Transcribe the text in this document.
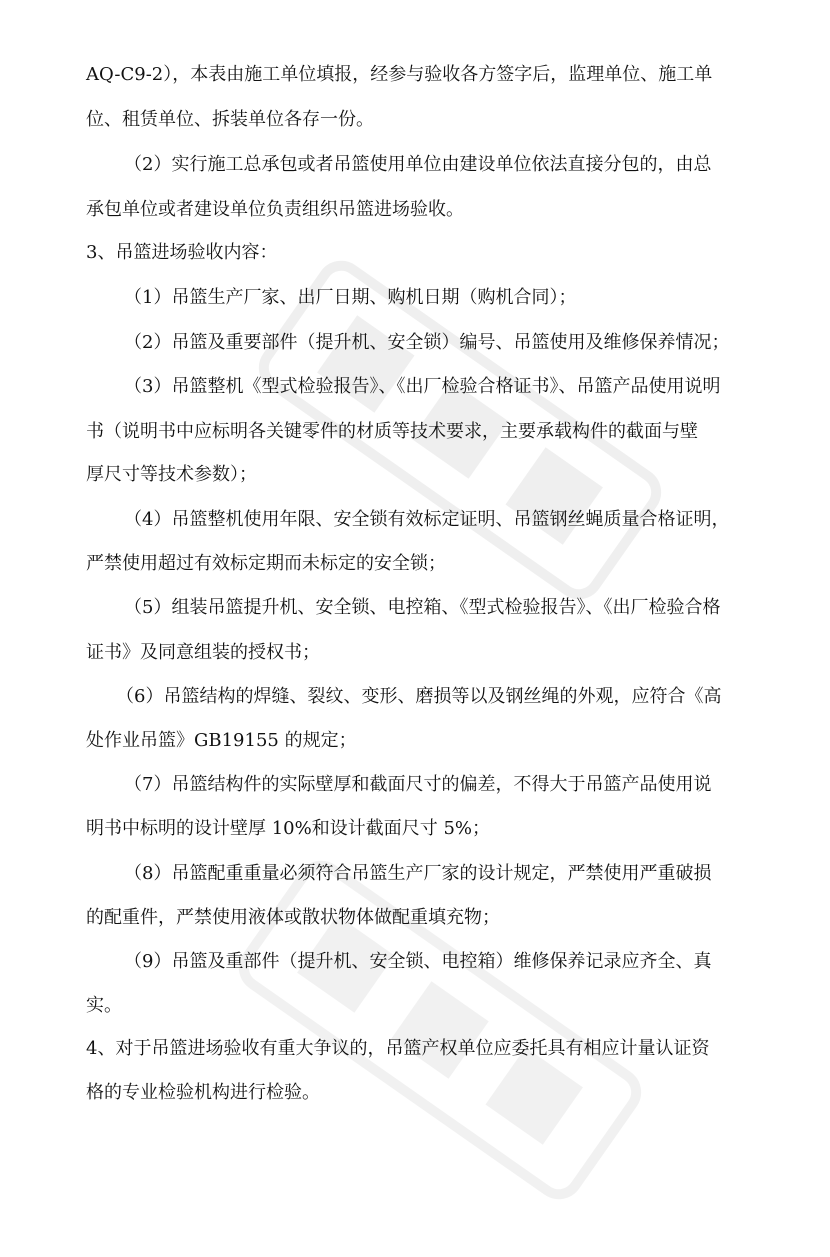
AQ-C9-2），本表由施工单位填报，经参与验收各方签字后，监理单位、施工单
位、租赁单位、拆装单位各存一份。
（2）实行施工总承包或者吊篮使用单位由建设单位依法直接分包的，由总
承包单位或者建设单位负责组织吊篮进场验收。
3、吊篮进场验收内容：
（1）吊篮生产厂家、出厂日期、购机日期（购机合同）；
（2）吊篮及重要部件（提升机、安全锁）编号、吊篮使用及维修保养情况；
（3）吊篮整机《型式检验报告》、《出厂检验合格证书》、吊篮产品使用说明
书（说明书中应标明各关键零件的材质等技术要求，主要承载构件的截面与壁
厚尺寸等技术参数）；
（4）吊篮整机使用年限、安全锁有效标定证明、吊篮钢丝蝇质量合格证明，
严禁使用超过有效标定期而未标定的安全锁；
（5）组装吊篮提升机、安全锁、电控箱、《型式检验报告》、《出厂检验合格
证书》及同意组装的授权书；
（6）吊篮结构的焊缝、裂纹、变形、磨损等以及钢丝绳的外观，应符合《高
处作业吊篮》GB19155 的规定；
（7）吊篮结构件的实际壁厚和截面尺寸的偏差，不得大于吊篮产品使用说
明书中标明的设计壁厚 10%和设计截面尺寸 5%；
（8）吊篮配重重量必须符合吊篮生产厂家的设计规定，严禁使用严重破损
的配重件，严禁使用液体或散状物体做配重填充物；
（9）吊篮及重部件（提升机、安全锁、电控箱）维修保养记录应齐全、真
实。
4、对于吊篮进场验收有重大争议的，吊篮产权单位应委托具有相应计量认证资
格的专业检验机构进行检验。
